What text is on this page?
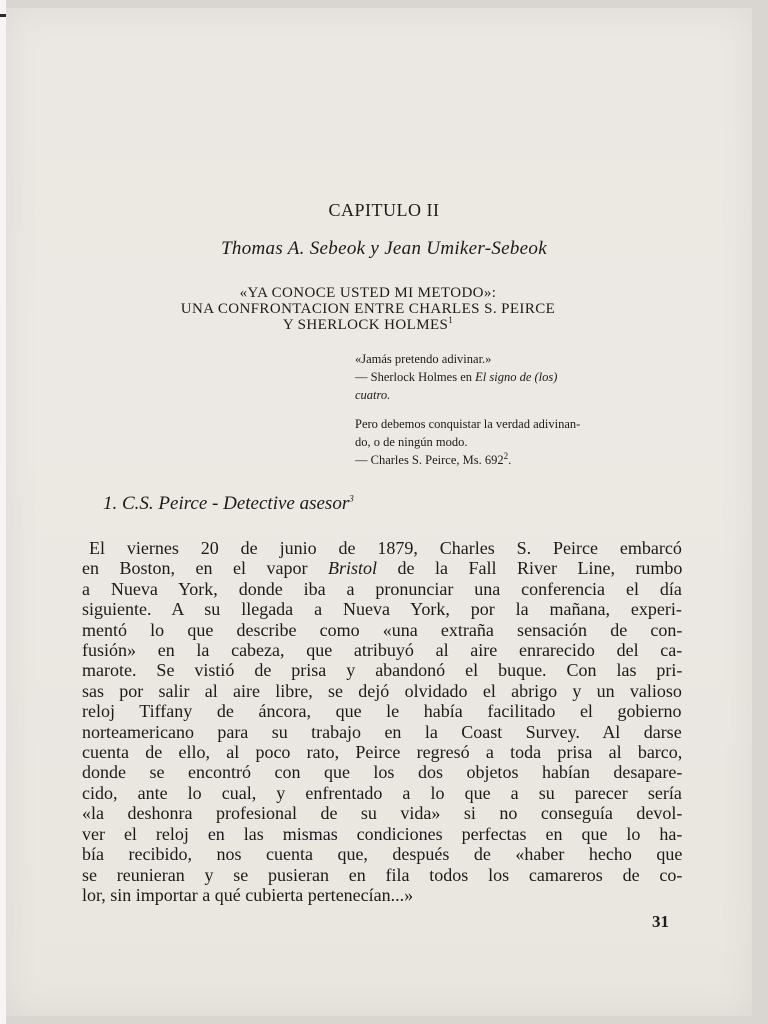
CAPITULO II
Thomas A. Sebeok y Jean Umiker-Sebeok
«YA CONOCE USTED MI METODO»:
UNA CONFRONTACION ENTRE CHARLES S. PEIRCE
Y SHERLOCK HOLMES$^1$
«Jamás pretendo adivinar.»
— Sherlock Holmes en El signo de (los)
cuatro.
Pero debemos conquistar la verdad adivinan-
do, o de ningún modo.
— Charles S. Peirce, Ms. $692^2$.
1. C.S. Peirce - Detective asesor$^3$
El viernes 20 de junio de 1879, Charles S. Peirce embarcó
en Boston, en el vapor Bristol de la Fall River Line, rumbo
a Nueva York, donde iba a pronunciar una conferencia el día
siguiente. A su llegada a Nueva York, por la mañana, experi-
mentó lo que describe como «una extraña sensación de con-
fusión» en la cabeza, que atribuyó al aire enrarecido del ca-
marote. Se vistió de prisa y abandonó el buque. Con las pri-
sas por salir al aire libre, se dejó olvidado el abrigo y un valioso
reloj Tiffany de áncora, que le había facilitado el gobierno
norteamericano para su trabajo en la Coast Survey. Al darse
cuenta de ello, al poco rato, Peirce regresó a toda prisa al barco,
donde se encontró con que los dos objetos habían desapare-
cido, ante lo cual, y enfrentado a lo que a su parecer sería
«la deshonra profesional de su vida» si no conseguía devol-
ver el reloj en las mismas condiciones perfectas en que lo ha-
bía recibido, nos cuenta que, después de «haber hecho que
se reunieran y se pusieran en fila todos los camareros de co-
lor, sin importar a qué cubierta pertenecían...»
31
